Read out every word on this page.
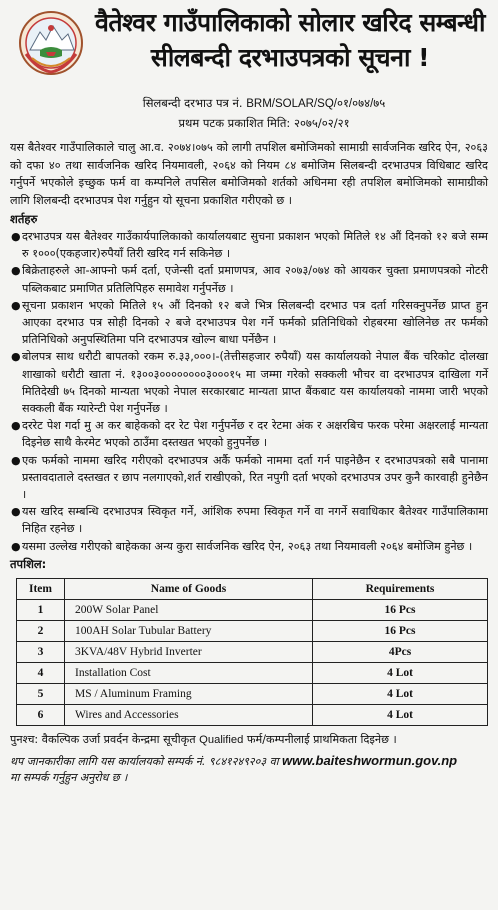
वैतेश्वर गाउँपालिकाको सोलार खरिद सम्बन्धी
सीलबन्दी दरभाउपत्रको सूचना !
सिलबन्दी दरभाउ पत्र नं. BRM/SOLAR/SQ/०१/०७४/७५
प्रथम पटक प्रकाशित मिति: २०७५/०२/२१

यस बैतेश्वर गाउँपालिकाले चालु आ.व. २०७४।०७५ को लागी तपशिल बमोजिमको सामाग्री सार्वजनिक खरिद ऐन, २०६३ को दफा ४० तथा सार्वजनिक खरिद नियमावली, २०६४ को नियम ८४ बमोजिम सिलबन्दी दरभाउपत्र विधिबाट खरिद गर्नुपर्ने भएकोले इच्छुक फर्म वा कम्पनिले तपसिल बमोजिमको शर्तको अधिनमा रही तपशिल बमोजिमको सामाग्रीको लागि शिलबन्दी दरभाउपत्र पेश गर्नुहुन यो सूचना प्रकाशित गरीएको छ ।

शर्तहरु
● दरभाउपत्र यस बैतेश्वर गाउँकार्यपालिकाको कार्यालयबाट सुचना प्रकाशन भएको मितिले १४ औं दिनको १२ बजे सम्म रु १०००(एकहजार)रुपैयाँ तिरी खरिद गर्न सकिनेछ ।
● बिक्रेताहरुले आ-आफ्नो फर्म दर्ता, एजेन्सी दर्ता प्रमाणपत्र, आव २०७३/०७४ को आयकर चुक्ता प्रमाणपत्रको नोटरी पब्लिकबाट प्रमाणित प्रतिलिपिहरु समावेश गर्नुपर्नेछ ।
● सूचना प्रकाशन भएको मितिले १५ औं दिनको १२ बजे भित्र सिलबन्दी दरभाउ पत्र दर्ता गरिसक्नुपर्नेछ प्राप्त हुन आएका दरभाउ पत्र सोही दिनको २ बजे दरभाउपत्र पेश गर्ने फर्मको प्रतिनिधिको रोहबरमा खोलिनेछ तर फर्मको प्रतिनिधिको अनुपस्थितिमा पनि दरभाउपत्र खोल्न बाधा पर्नेछैन ।
● बोलपत्र साथ धरौटी बापतको रकम रु.३३,०००।-(तेत्तीसहजार रुपैयाँ) यस कार्यालयको नेपाल बैंक चरिकोट दोलखा शाखाको धरौटी खाता नं. १३००३००००००००३०००१५ मा जम्मा गरेको सक्कली भौचर वा दरभाउपत्र दाखिला गर्ने मितिदेखी ७५ दिनको मान्यता भएको नेपाल सरकारबाट मान्यता प्राप्त बैंकबाट यस कार्यालयको नाममा जारी भएको सक्कली बैंक ग्यारेन्टी पेश गर्नुपर्नेछ ।
● दररेट पेश गर्दा मु अ कर बाहेकको दर रेट पेश गर्नुपर्नेछ र दर रेटमा अंक र अक्षरबिच फरक परेमा अक्षरलाई मान्यता दिइनेछ साथै केरमेट भएको ठाउँमा दस्तखत भएको हुनुपर्नेछ ।
● एक फर्मको नाममा खरिद गरीएको दरभाउपत्र अर्कै फर्मको नाममा दर्ता गर्न पाइनेछैन र दरभाउपत्रको सबै पानामा प्रस्तावदाताले दस्तखत र छाप नलगाएको,शर्त राखीएको, रित नपुगी दर्ता भएको दरभाउपत्र उपर कुनै कारवाही हुनेछैन ।
● यस खरिद सम्बन्धि दरभाउपत्र स्विकृत गर्ने, आंशिक रुपमा स्विकृत गर्ने वा नगर्ने सवाधिकार बैतेश्वर गाउँपालिकामा निहित रहनेछ ।
● यसमा उल्लेख गरीएको बाहेकका अन्य कुरा सार्वजनिक खरिद ऐन, २०६३ तथा नियमावली २०६४ बमोजिम हुनेछ ।
तपशिल:
Item	Name of Goods	Requirements
1	200W Solar Panel	16 Pcs
2	100AH Solar Tubular Battery	16 Pcs
3	3KVA/48V Hybrid Inverter	4Pcs
4	Installation Cost	4 Lot
5	MS / Aluminum Framing	4 Lot
6	Wires and Accessories	4 Lot
पुनश्च: वैकल्पिक उर्जा प्रवर्दन केन्द्रमा सूचीकृत Qualified फर्म/कम्पनीलाई प्राथमिकता दिइनेछ ।
थप जानकारीका लागि यस कार्यालयको सम्पर्क नं. ९८४१२४९२०३ वा www.baiteshwormun.gov.np
मा सम्पर्क गर्नुहुन अनुरोध छ ।
